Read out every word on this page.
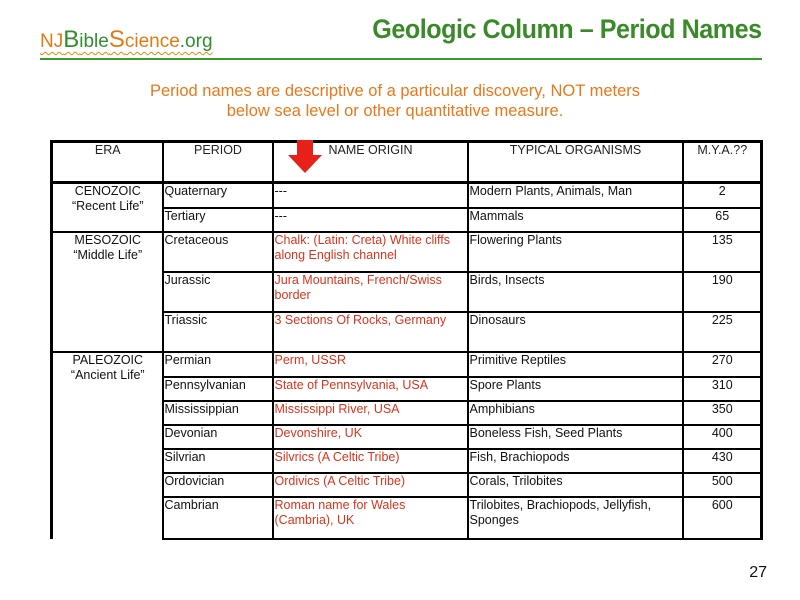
NJBibleScience.org	Geologic Column – Period Names
Period names are descriptive of a particular discovery, NOT meters
below sea level or other quantitative measure.
ERA	PERIOD	NAME ORIGIN	TYPICAL ORGANISMS	M.Y.A.??

CENOZOIC
“Recent Life”	Quaternary	---	Modern Plants, Animals, Man	2
	Tertiary	---	Mammals	65

MESOZOIC
“Middle Life”	Cretaceous	Chalk: (Latin: Creta) White cliffs along English channel	Flowering Plants	135
	Jurassic	Jura Mountains, French/Swiss border	Birds, Insects	190
	Triassic	3 Sections Of Rocks, Germany	Dinosaurs	225

PALEOZOIC
“Ancient Life”	Permian	Perm, USSR	Primitive Reptiles	270
	Pennsylvanian	State of Pennsylvania, USA	Spore Plants	310
	Mississippian	Mississippi River, USA	Amphibians	350
	Devonian	Devonshire, UK	Boneless Fish, Seed Plants	400
	Silvrian	Silvrics (A Celtic Tribe)	Fish, Brachiopods	430
	Ordovician	Ordivics (A Celtic Tribe)	Corals, Trilobites	500
	Cambrian	Roman name for Wales (Cambria), UK	Trilobites, Brachiopods, Jellyfish, Sponges	600
27
